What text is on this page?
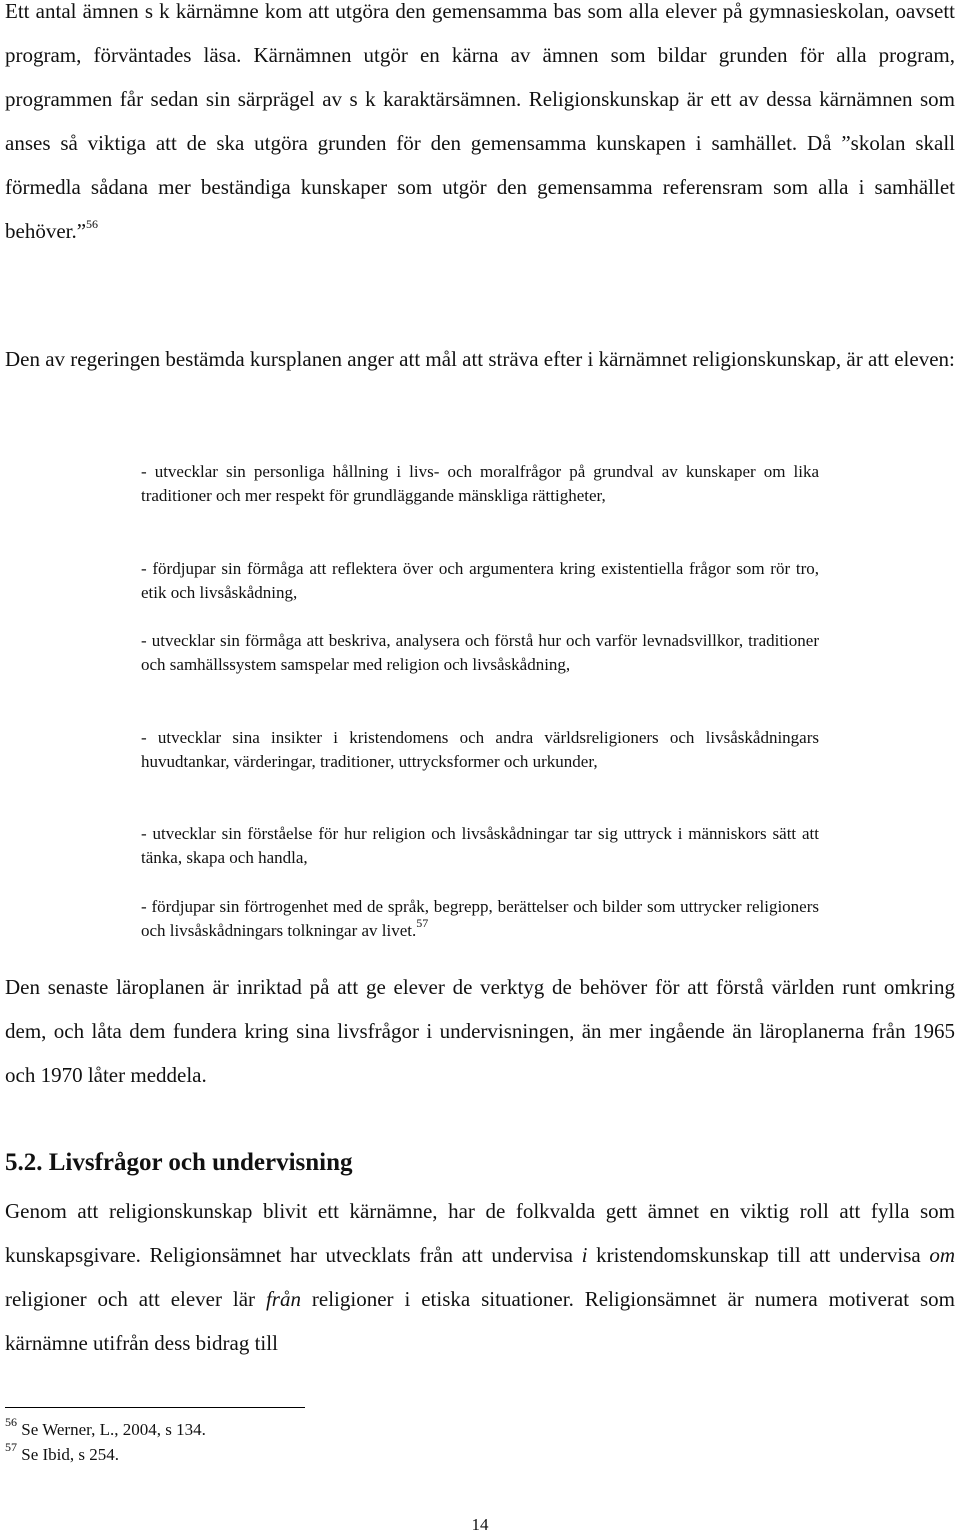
Ett antal ämnen s k kärnämne kom att utgöra den gemensamma bas som alla elever på gymnasieskolan, oavsett program, förväntades läsa. Kärnämnen utgör en kärna av ämnen som bildar grunden för alla program, programmen får sedan sin särprägel av s k karaktärsämnen. Religionskunskap är ett av dessa kärnämnen som anses så viktiga att de ska utgöra grunden för den gemensamma kunskapen i samhället. Då ”skolan skall förmedla sådana mer beständiga kunskaper som utgör den gemensamma referensram som alla i samhället behöver.”$^{56}$

Den av regeringen bestämda kursplanen anger att mål att sträva efter i kärnämnet religionskunskap, är att eleven:

- utvecklar sin personliga hållning i livs- och moralfrågor på grundval av kunskaper om lika traditioner och mer respekt för grundläggande mänskliga rättigheter,

- fördjupar sin förmåga att reflektera över och argumentera kring existentiella frågor som rör tro, etik och livsåskådning,

- utvecklar sin förmåga att beskriva, analysera och förstå hur och varför levnadsvillkor, traditioner och samhällssystem samspelar med religion och livsåskådning,

- utvecklar sina insikter i kristendomens och andra världsreligioners och livsåskådningars huvudtankar, värderingar, traditioner, uttrycksformer och urkunder,

- utvecklar sin förståelse för hur religion och livsåskådningar tar sig uttryck i människors sätt att tänka, skapa och handla,

- fördjupar sin förtrogenhet med de språk, begrepp, berättelser och bilder som uttrycker religioners och livsåskådningars tolkningar av livet.$^{57}$

Den senaste läroplanen är inriktad på att ge elever de verktyg de behöver för att förstå världen runt omkring dem, och låta dem fundera kring sina livsfrågor i undervisningen, än mer ingående än läroplanerna från 1965 och 1970 låter meddela.

5.2. Livsfrågor och undervisning

Genom att religionskunskap blivit ett kärnämne, har de folkvalda gett ämnet en viktig roll att fylla som kunskapsgivare. Religionsämnet har utvecklats från att undervisa i kristendomskunskap till att undervisa om religioner och att elever lär från religioner i etiska situationer. Religionsämnet är numera motiverat som kärnämne utifrån dess bidrag till

$^{56}$ Se Werner, L., 2004, s 134.

$^{57}$ Se Ibid, s 254.

14
